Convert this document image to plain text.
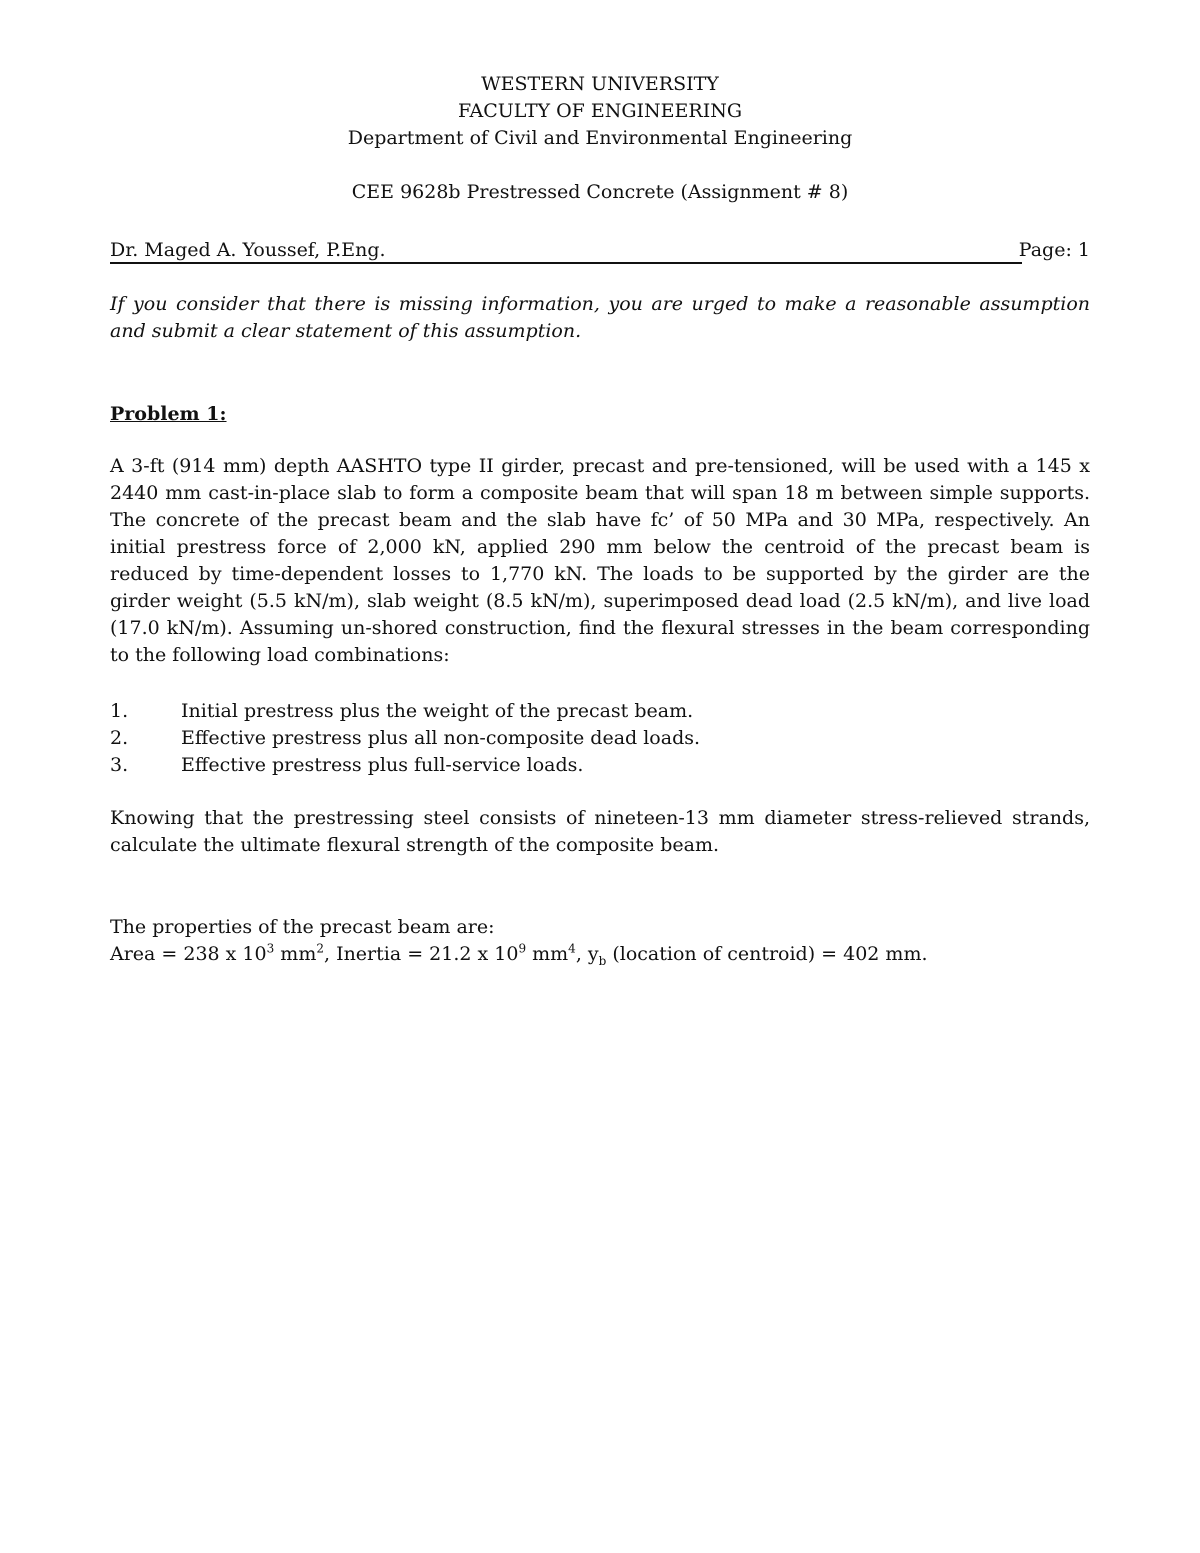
WESTERN UNIVERSITY
FACULTY OF ENGINEERING
Department of Civil and Environmental Engineering
CEE 9628b Prestressed Concrete (Assignment # 8)
Dr. Maged A. Youssef, P.Eng.	Page: 1
If you consider that there is missing information, you are urged to make a reasonable assumption and submit a clear statement of this assumption.
Problem 1:
A 3-ft (914 mm) depth AASHTO type II girder, precast and pre-tensioned, will be used with a 145 x 2440 mm cast-in-place slab to form a composite beam that will span 18 m between simple supports. The concrete of the precast beam and the slab have fc’ of 50 MPa and 30 MPa, respectively. An initial prestress force of 2,000 kN, applied 290 mm below the centroid of the precast beam is reduced by time-dependent losses to 1,770 kN. The loads to be supported by the girder are the girder weight (5.5 kN/m), slab weight (8.5 kN/m), superimposed dead load (2.5 kN/m), and live load (17.0 kN/m). Assuming un-shored construction, find the flexural stresses in the beam corresponding to the following load combinations:
1.	Initial prestress plus the weight of the precast beam.
2.	Effective prestress plus all non-composite dead loads.
3.	Effective prestress plus full-service loads.
Knowing that the prestressing steel consists of nineteen-13 mm diameter stress-relieved strands, calculate the ultimate flexural strength of the composite beam.
The properties of the precast beam are:
Area = 238 x $10^3$ $mm^2$, Inertia = 21.2 x $10^9$ $mm^4$, $y_b$ (location of centroid) = 402 mm.
